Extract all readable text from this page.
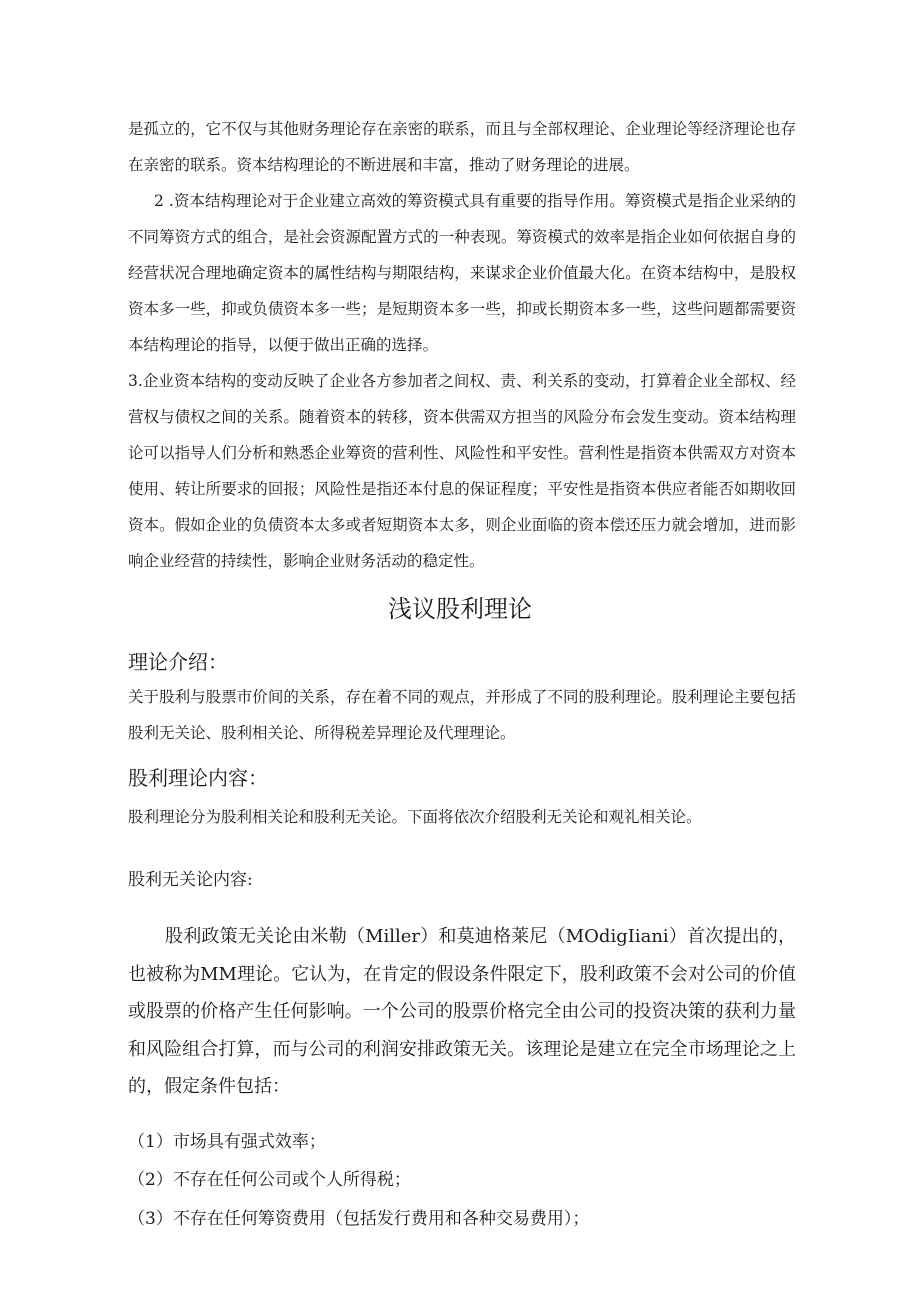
是孤立的，它不仅与其他财务理论存在亲密的联系，而且与全部权理论、企业理论等经济理论也存在亲密的联系。资本结构理论的不断进展和丰富，推动了财务理论的进展。

2 .资本结构理论对于企业建立高效的筹资模式具有重要的指导作用。筹资模式是指企业采纳的不同筹资方式的组合，是社会资源配置方式的一种表现。筹资模式的效率是指企业如何依据自身的经营状况合理地确定资本的属性结构与期限结构，来谋求企业价值最大化。在资本结构中，是股权资本多一些，抑或负债资本多一些；是短期资本多一些，抑或长期资本多一些，这些问题都需要资本结构理论的指导，以便于做出正确的选择。

3.企业资本结构的变动反映了企业各方参加者之间权、责、利关系的变动，打算着企业全部权、经营权与债权之间的关系。随着资本的转移，资本供需双方担当的风险分布会发生变动。资本结构理论可以指导人们分析和熟悉企业筹资的营利性、风险性和平安性。营利性是指资本供需双方对资本使用、转让所要求的回报；风险性是指还本付息的保证程度；平安性是指资本供应者能否如期收回资本。假如企业的负债资本太多或者短期资本太多，则企业面临的资本偿还压力就会增加，进而影响企业经营的持续性，影响企业财务活动的稳定性。

浅议股利理论
理论介绍：

关于股利与股票市价间的关系，存在着不同的观点，并形成了不同的股利理论。股利理论主要包括股利无关论、股利相关论、所得税差异理论及代理理论。

股利理论内容：

股利理论分为股利相关论和股利无关论。下面将依次介绍股利无关论和观礼相关论。

股利无关论内容:

股利政策无关论由米勒（Miller）和莫迪格莱尼（MOdigIiani）首次提出的，也被称为MM理论。它认为，在肯定的假设条件限定下，股利政策不会对公司的价值或股票的价格产生任何影响。一个公司的股票价格完全由公司的投资决策的获利力量和风险组合打算，而与公司的利润安排政策无关。该理论是建立在完全市场理论之上的，假定条件包括：

（1）市场具有强式效率；

（2）不存在任何公司或个人所得税；

（3）不存在任何筹资费用（包括发行费用和各种交易费用）；
